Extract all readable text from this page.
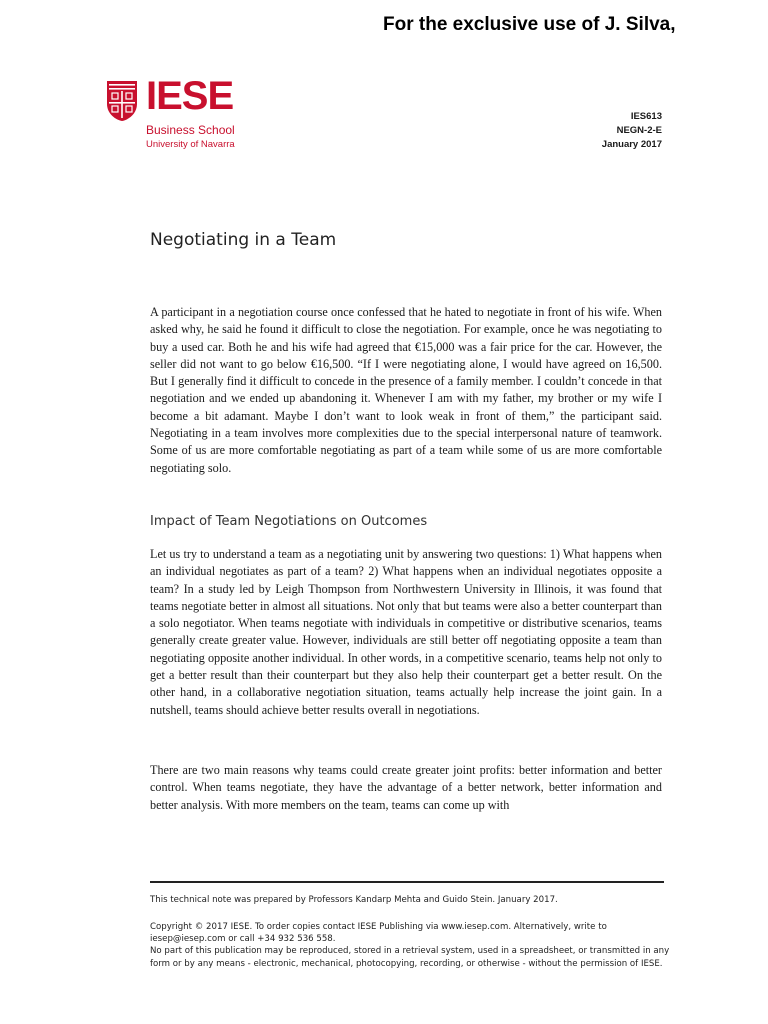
For the exclusive use of J. Silva,
IESE
Business School
University of Navarra
IES613
NEGN-2-E
January 2017
Negotiating in a Team

A participant in a negotiation course once confessed that he hated to negotiate in front of his wife. When asked why, he said he found it difficult to close the negotiation. For example, once he was negotiating to buy a used car. Both he and his wife had agreed that €15,000 was a fair price for the car. However, the seller did not want to go below €16,500. “If I were negotiating alone, I would have agreed on 16,500. But I generally find it difficult to concede in the presence of a family member. I couldn’t concede in that negotiation and we ended up abandoning it. Whenever I am with my father, my brother or my wife I become a bit adamant. Maybe I don’t want to look weak in front of them,” the participant said. Negotiating in a team involves more complexities due to the special interpersonal nature of teamwork. Some of us are more comfortable negotiating as part of a team while some of us are more comfortable negotiating solo.

Impact of Team Negotiations on Outcomes

Let us try to understand a team as a negotiating unit by answering two questions: 1) What happens when an individual negotiates as part of a team? 2) What happens when an individual negotiates opposite a team? In a study led by Leigh Thompson from Northwestern University in Illinois, it was found that teams negotiate better in almost all situations. Not only that but teams were also a better counterpart than a solo negotiator. When teams negotiate with individuals in competitive or distributive scenarios, teams generally create greater value. However, individuals are still better off negotiating opposite a team than negotiating opposite another individual. In other words, in a competitive scenario, teams help not only to get a better result than their counterpart but they also help their counterpart get a better result. On the other hand, in a collaborative negotiation situation, teams actually help increase the joint gain. In a nutshell, teams should achieve better results overall in negotiations.

There are two main reasons why teams could create greater joint profits: better information and better control. When teams negotiate, they have the advantage of a better network, better information and better analysis. With more members on the team, teams can come up with

This technical note was prepared by Professors Kandarp Mehta and Guido Stein. January 2017.
Copyright © 2017 IESE. To order copies contact IESE Publishing via www.iesep.com. Alternatively, write to iesep@iesep.com or call +34 932 536 558.
No part of this publication may be reproduced, stored in a retrieval system, used in a spreadsheet, or transmitted in any form or by any means - electronic, mechanical, photocopying, recording, or otherwise - without the permission of IESE.
